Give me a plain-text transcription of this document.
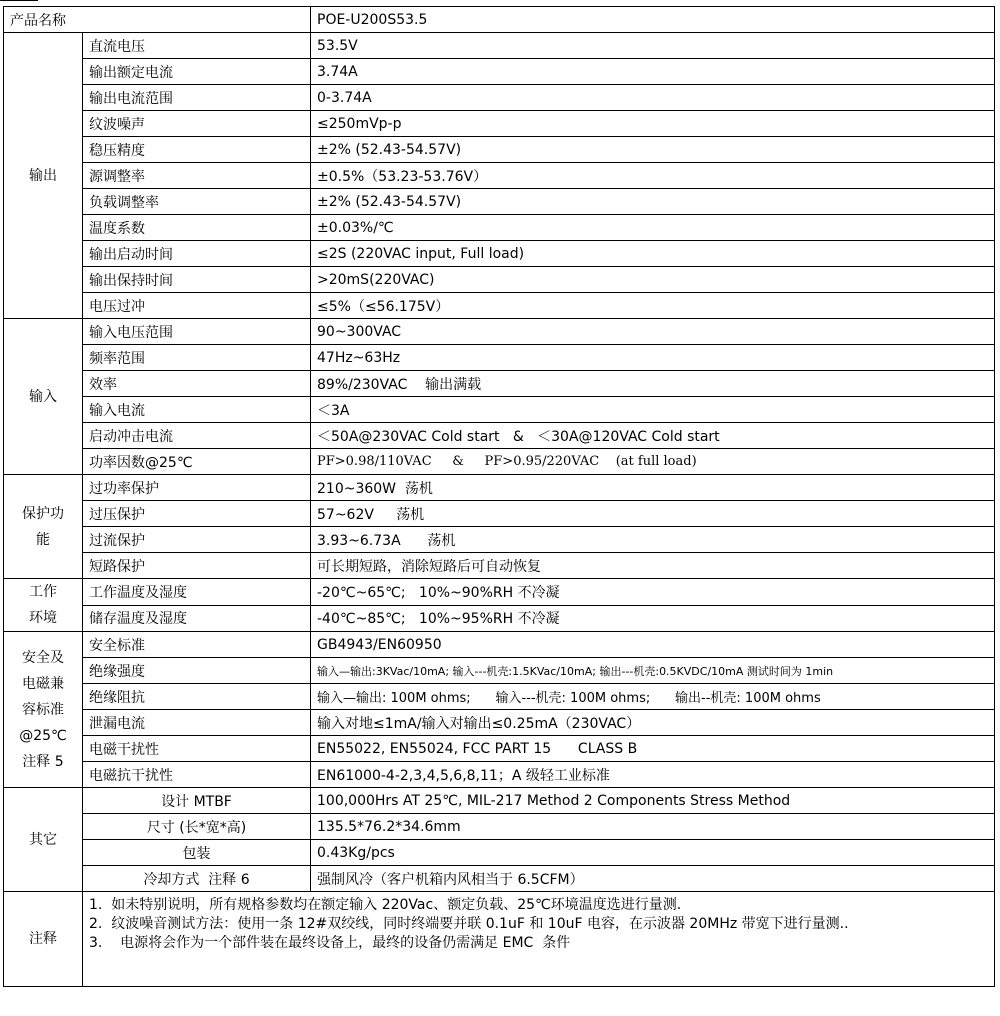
产品名称		POE-U200S53.5
输出	直流电压	53.5V
	输出额定电流	3.74A
	输出电流范围	0-3.74A
	纹波噪声	≤250mVp-p
	稳压精度	±2% (52.43-54.57V)
	源调整率	±0.5%（53.23-53.76V）
	负载调整率	±2% (52.43-54.57V)
	温度系数	±0.03%/℃
	输出启动时间	≤2S (220VAC input, Full load)
	输出保持时间	>20mS(220VAC)
	电压过冲	≤5%（≤56.175V）
输入	输入电压范围	90~300VAC
	频率范围	47Hz~63Hz
	效率	89%/230VAC    输出满载
	输入电流	＜3A
	启动冲击电流	＜50A@230VAC Cold start   &   ＜30A@120VAC Cold start
	功率因数@25℃	PF>0.98/110VAC     &     PF>0.95/220VAC    (at full load)

保护功
能	过功率保护	210~360W  荡机
	过压保护	57~62V     荡机
	过流保护	3.93~6.73A      荡机
	短路保护	可长期短路，消除短路后可自动恢复

工作
环境	工作温度及湿度	-20℃~65℃;   10%~90%RH 不冷凝
	储存温度及湿度	-40℃~85℃;   10%~95%RH 不冷凝

安全及
电磁兼
容标准
@25℃
注释 5	安全标准	GB4943/EN60950
	绝缘强度	输入—输出:3KVac/10mA; 输入---机壳:1.5KVac/10mA; 输出---机壳:0.5KVDC/10mA 测试时间为 1min
	绝缘阻抗	输入—输出: 100M ohms;      输入---机壳: 100M ohms;      输出--机壳: 100M ohms
	泄漏电流	输入对地≤1mA/输入对输出≤0.25mA（230VAC）
	电磁干扰性	EN55022, EN55024, FCC PART 15      CLASS B
	电磁抗干扰性	EN61000-4-2,3,4,5,6,8,11；A 级轻工业标准
其它	设计 MTBF	100,000Hrs AT 25℃, MIL-217 Method 2 Components Stress Method
	尺寸 (长*宽*高)	135.5*76.2*34.6mm
	包装	0.43Kg/pcs
	冷却方式  注释 6	强制风冷（客户机箱内风相当于 6.5CFM）
注释	1.  如未特别说明，所有规格参数均在额定输入 220Vac、额定负载、25℃环境温度选进行量测.
2.  纹波噪音测试方法：使用一条 12#双绞线，同时终端要并联 0.1uF 和 10uF 电容，在示波器 20MHz 带宽下进行量测..
3.    电源将会作为一个部件装在最终设备上，最终的设备仍需满足 EMC  条件	
